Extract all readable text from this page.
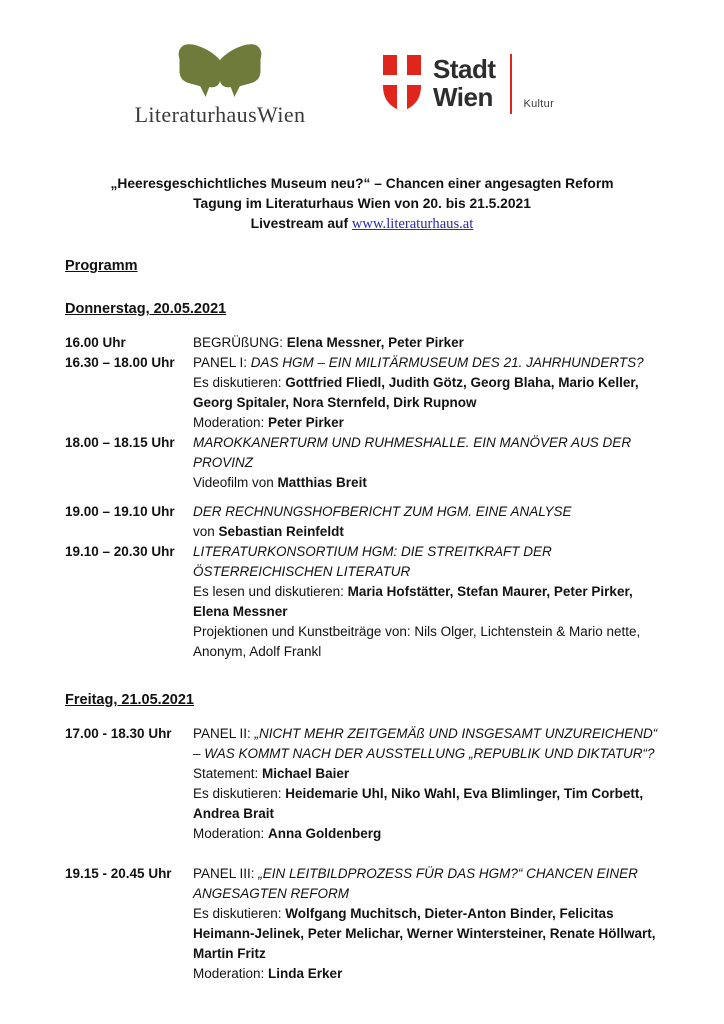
LiteraturhausWien
Stadt
Wien	Kultur
„Heeresgeschichtliches Museum neu?“ – Chancen einer angesagten Reform
Tagung im Literaturhaus Wien von 20. bis 21.5.2021
Livestream auf www.literaturhaus.at
Programm
Donnerstag, 20.05.2021
16.00 Uhr	BEGRÜßUNG: Elena Messner, Peter Pirker
16.30 – 18.00 Uhr	PANEL I: DAS HGM – EIN MILITÄRMUSEUM DES 21. JAHRHUNDERTS?
Es diskutieren: Gottfried Fliedl, Judith Götz, Georg Blaha, Mario Keller, Georg Spitaler, Nora Sternfeld, Dirk Rupnow
Moderation: Peter Pirker
18.00 – 18.15 Uhr	MAROKKANERTURM UND RUHMESHALLE. EIN MANÖVER AUS DER PROVINZ
Videofilm von Matthias Breit
19.00 – 19.10 Uhr	DER RECHNUNGSHOFBERICHT ZUM HGM. EINE ANALYSE
von Sebastian Reinfeldt
19.10 – 20.30 Uhr	LITERATURKONSORTIUM HGM: DIE STREITKRAFT DER ÖSTERREICHISCHEN LITERATUR
Es lesen und diskutieren: Maria Hofstätter, Stefan Maurer, Peter Pirker, Elena Messner
Projektionen und Kunstbeiträge von: Nils Olger, Lichtenstein & Mario nette, Anonym, Adolf Frankl
Freitag, 21.05.2021
17.00 - 18.30 Uhr	PANEL II: „NICHT MEHR ZEITGEMÄß UND INSGESAMT UNZUREICHEND“ – WAS KOMMT NACH DER AUSSTELLUNG „REPUBLIK UND DIKTATUR“?
Statement: Michael Baier
Es diskutieren: Heidemarie Uhl, Niko Wahl, Eva Blimlinger, Tim Corbett, Andrea Brait
Moderation: Anna Goldenberg
19.15 - 20.45 Uhr	PANEL III: „EIN LEITBILDPROZESS FÜR DAS HGM?“ CHANCEN EINER ANGESAGTEN REFORM
Es diskutieren: Wolfgang Muchitsch, Dieter-Anton Binder, Felicitas Heimann-Jelinek, Peter Melichar, Werner Wintersteiner, Renate Höllwart, Martin Fritz
Moderation: Linda Erker
